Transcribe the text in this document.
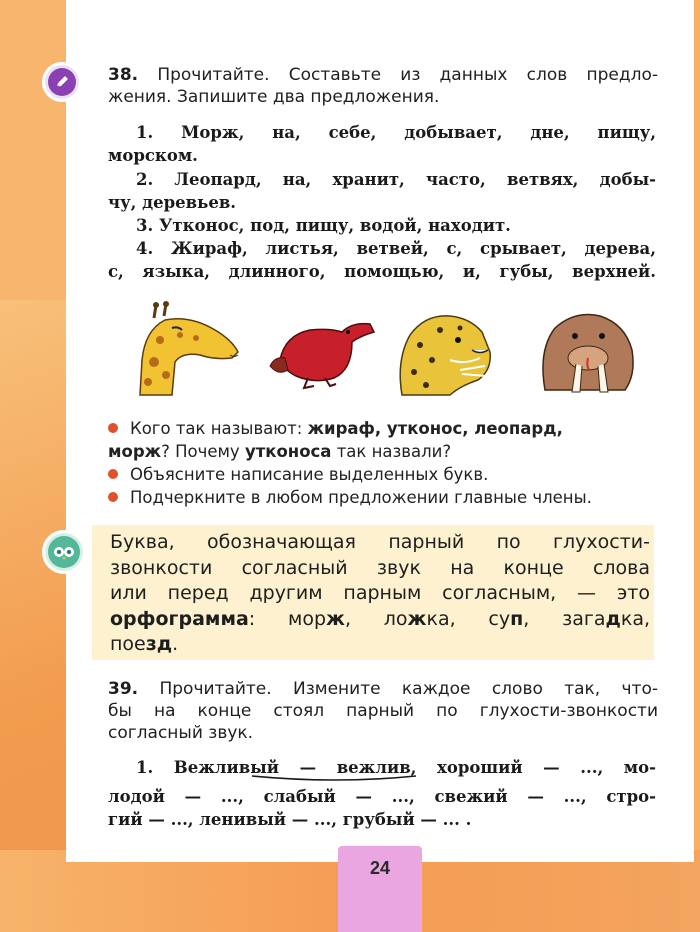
38. Прочитайте. Составьте из данных слов предло-
жения. Запишите два предложения.
1. Морж, на, себе, добывает, дне, пищу,
морском.
2. Леопард, на, хранит, часто, ветвях, добы-
чу, деревьев.
3. Утконос, под, пищу, водой, находит.
4. Жираф, листья, ветвей, с, срывает, дерева,
с, языка, длинного, помощью, и, губы, верхней.
Кого так называют: жираф, утконос, леопард,
морж? Почему утконоса так назвали?
Объясните написание выделенных букв.
Подчеркните в любом предложении главные члены.
Буква, обозначающая парный по глухости-
звонкости согласный звук на конце слова
или перед другим парным согласным, — это
орфограмма: морж, ложка, суп, загадка,
поезд.
39. Прочитайте. Измените каждое слово так, что-
бы на конце стоял парный по глухости-звонкости
согласный звук.
1. Вежливый — вежлив, хороший — ..., мо-
лодой — ..., слабый — ..., свежий — ..., стро-
гий — ..., ленивый — ..., грубый — ... .
24
